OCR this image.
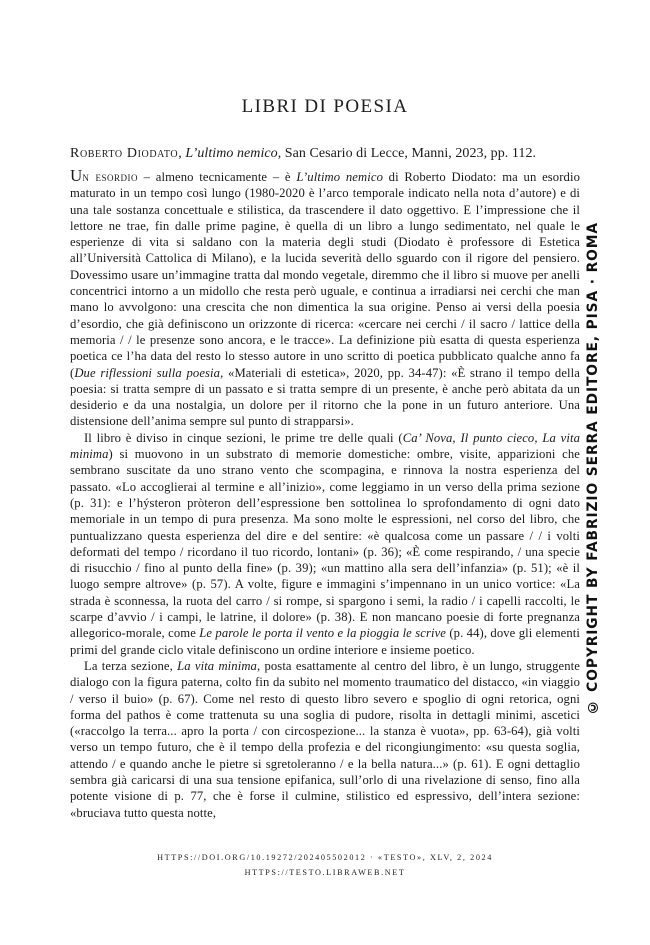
LIBRI DI POESIA
Roberto Diodato, L’ultimo nemico, San Cesario di Lecce, Manni, 2023, pp. 112.

Un esordio – almeno tecnicamente – è L’ultimo nemico di Roberto Diodato: ma un esordio maturato in un tempo così lungo (1980-2020 è l’arco temporale indicato nella nota d’autore) e di una tale sostanza concettuale e stilistica, da trascendere il dato oggettivo. E l’impressione che il lettore ne trae, fin dalle prime pagine, è quella di un libro a lungo sedimentato, nel quale le esperienze di vita si saldano con la materia degli studi (Diodato è professore di Estetica all’Università Cattolica di Milano), e la lucida severità dello sguardo con il rigore del pensiero. Dovessimo usare un’immagine tratta dal mondo vegetale, diremmo che il libro si muove per anelli concentrici intorno a un midollo che resta però uguale, e continua a irradiarsi nei cerchi che man mano lo avvolgono: una crescita che non dimentica la sua origine. Penso ai versi della poesia d’esordio, che già definiscono un orizzonte di ricerca: «cercare nei cerchi / il sacro / lattice della memoria / / le presenze sono ancora, e le tracce». La definizione più esatta di questa esperienza poetica ce l’ha data del resto lo stesso autore in uno scritto di poetica pubblicato qualche anno fa (Due riflessioni sulla poesia, «Materiali di estetica», 2020, pp. 34-47): «È strano il tempo della poesia: si tratta sempre di un passato e si tratta sempre di un presente, è anche però abitata da un desiderio e da una nostalgia, un dolore per il ritorno che la pone in un futuro anteriore. Una distensione dell’anima sempre sul punto di strapparsi».

Il libro è diviso in cinque sezioni, le prime tre delle quali (Ca’ Nova, Il punto cieco, La vita minima) si muovono in un substrato di memorie domestiche: ombre, visite, apparizioni che sembrano suscitate da uno strano vento che scompagina, e rinnova la nostra esperienza del passato. «Lo accoglierai al termine e all’inizio», come leggiamo in un verso della prima sezione (p. 31): e l’hýsteron pròteron dell’espressione ben sottolinea lo sprofondamento di ogni dato memoriale in un tempo di pura presenza. Ma sono molte le espressioni, nel corso del libro, che puntualizzano questa esperienza del dire e del sentire: «è qualcosa come un passare / / i volti deformati del tempo / ricordano il tuo ricordo, lontani» (p. 36); «È come respirando, / una specie di risucchio / fino al punto della fine» (p. 39); «un mattino alla sera dell’infanzia» (p. 51); «è il luogo sempre altrove» (p. 57). A volte, figure e immagini s’impennano in un unico vortice: «La strada è sconnessa, la ruota del carro / si rompe, si spargono i semi, la radio / i capelli raccolti, le scarpe d’avvio / i campi, le latrine, il dolore» (p. 38). E non mancano poesie di forte pregnanza allegorico-morale, come Le parole le porta il vento e la pioggia le scrive (p. 44), dove gli elementi primi del grande ciclo vitale definiscono un ordine interiore e insieme poetico.

La terza sezione, La vita minima, posta esattamente al centro del libro, è un lungo, struggente dialogo con la figura paterna, colto fin da subito nel momento traumatico del distacco, «in viaggio / verso il buio» (p. 67). Come nel resto di questo libro severo e spoglio di ogni retorica, ogni forma del pathos è come trattenuta su una soglia di pudore, risolta in dettagli minimi, ascetici («raccolgo la terra... apro la porta / con circospezione... la stanza è vuota», pp. 63-64), già volti verso un tempo futuro, che è il tempo della profezia e del ricongiungimento: «su questa soglia, attendo / e quando anche le pietre si sgretoleranno / e la bella natura...» (p. 61). E ogni dettaglio sembra già caricarsi di una sua tensione epifanica, sull’orlo di una rivelazione di senso, fino alla potente visione di p. 77, che è forse il culmine, stilistico ed espressivo, dell’intera sezione: «bruciava tutto questa notte,

HTTPS://DOI.ORG/10.19272/202405502012 · «TESTO», XLV, 2, 2024
HTTPS://TESTO.LIBRAWEB.NET
© COPYRIGHT BY FABRIZIO SERRA EDITORE, PISA · ROMA
